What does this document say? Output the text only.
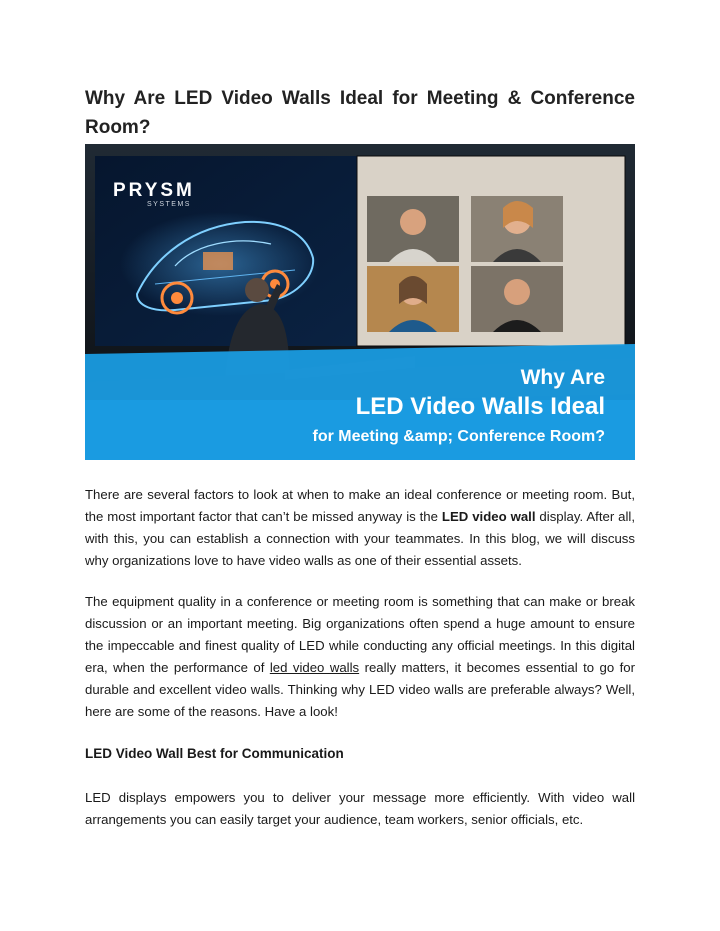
Why Are LED Video Walls Ideal for Meeting & Conference Room?
PRYSM
SYSTEMS
Why Are
LED Video Walls Ideal
for Meeting &amp; Conference Room?

There are several factors to look at when to make an ideal conference or meeting room. But, the most important factor that can’t be missed anyway is the LED video wall display. After all, with this, you can establish a connection with your teammates. In this blog, we will discuss why organizations love to have video walls as one of their essential assets.

The equipment quality in a conference or meeting room is something that can make or break discussion or an important meeting. Big organizations often spend a huge amount to ensure the impeccable and finest quality of LED while conducting any official meetings. In this digital era, when the performance of led video walls really matters, it becomes essential to go for durable and excellent video walls. Thinking why LED video walls are preferable always? Well, here are some of the reasons. Have a look!

LED Video Wall Best for Communication

LED displays empowers you to deliver your message more efficiently. With video wall arrangements you can easily target your audience, team workers, senior officials, etc.
